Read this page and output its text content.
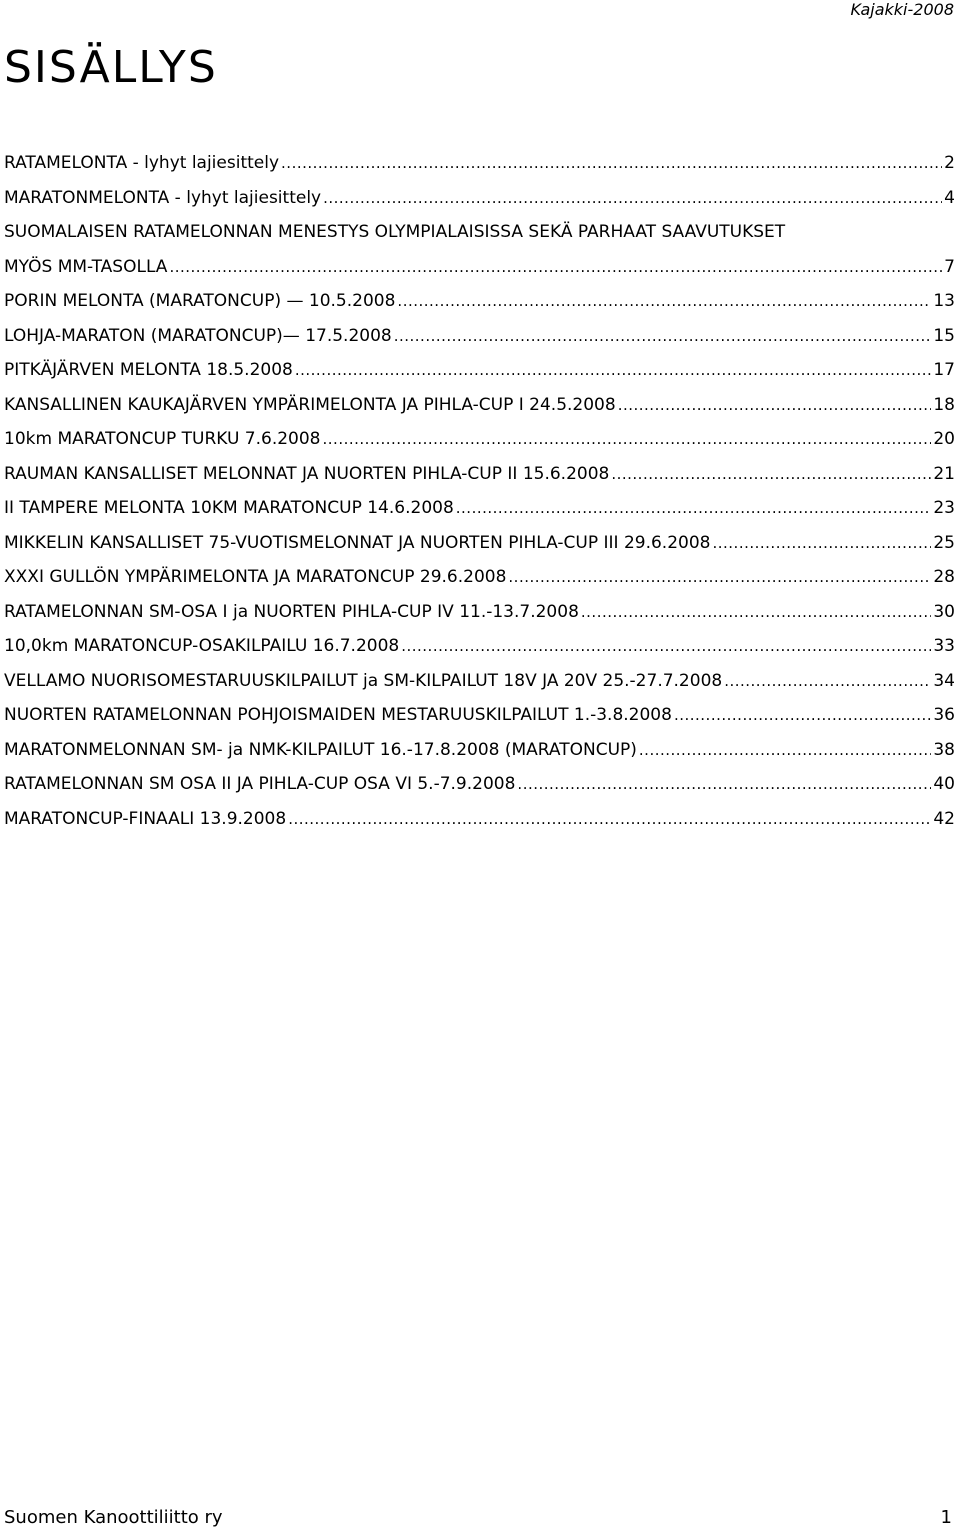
Kajakki-2008
SISÄLLYS
RATAMELONTA - lyhyt lajiesittely .....	2
MARATONMELONTA - lyhyt lajiesittely .....	4
SUOMALAISEN RATAMELONNAN MENESTYS OLYMPIALAISISSA SEKÄ PARHAAT SAAVUTUKSET
MYÖS MM-TASOLLA .....	7
PORIN MELONTA (MARATONCUP) — 10.5.2008 .....	13
LOHJA-MARATON (MARATONCUP)— 17.5.2008 .....	15
PITKÄJÄRVEN MELONTA 18.5.2008 .....	17
KANSALLINEN KAUKAJÄRVEN YMPÄRIMELONTA JA PIHLA-CUP I 24.5.2008 .....	18
10km MARATONCUP TURKU 7.6.2008 .....	20
RAUMAN KANSALLISET MELONNAT JA NUORTEN PIHLA-CUP II 15.6.2008 .....	21
II TAMPERE MELONTA 10KM MARATONCUP 14.6.2008 .....	23
MIKKELIN KANSALLISET 75-VUOTISMELONNAT JA NUORTEN PIHLA-CUP III 29.6.2008 .....	25
XXXI GULLÖN YMPÄRIMELONTA JA MARATONCUP 29.6.2008 .....	28
RATAMELONNAN SM-OSA I ja NUORTEN PIHLA-CUP IV 11.-13.7.2008 .....	30
10,0km MARATONCUP-OSAKILPAILU 16.7.2008 .....	33
VELLAMO NUORISOMESTARUUSKILPAILUT ja SM-KILPAILUT 18V JA 20V 25.-27.7.2008 .....	34
NUORTEN RATAMELONNAN POHJOISMAIDEN MESTARUUSKILPAILUT 1.-3.8.2008 .....	36
MARATONMELONNAN SM- ja NMK-KILPAILUT 16.-17.8.2008 (MARATONCUP) .....	38
RATAMELONNAN SM OSA II JA PIHLA-CUP OSA VI 5.-7.9.2008 .....	40
MARATONCUP-FINAALI 13.9.2008 .....	42
Suomen Kanoottiliitto ry	1
